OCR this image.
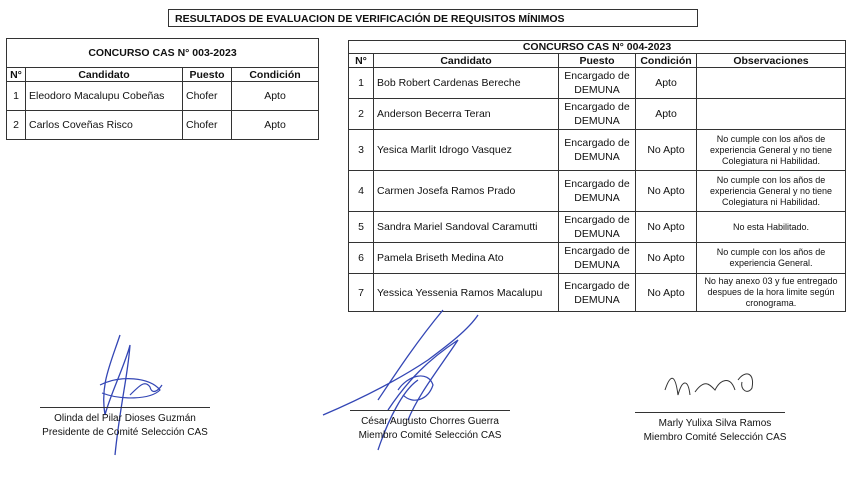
RESULTADOS DE EVALUACION DE VERIFICACIÓN DE REQUISITOS MÍNIMOS
CONCURSO CAS N° 003-2023			
N°	Candidato	Puesto	Condición
1	Eleodoro Macalupu Cobeñas	Chofer	Apto
2	Carlos Coveñas Risco	Chofer	Apto
CONCURSO CAS N° 004-2023				
N°	Candidato	Puesto	Condición	Observaciones
1	Bob Robert Cardenas Bereche	Encargado de DEMUNA	Apto	
2	Anderson Becerra Teran	Encargado de DEMUNA	Apto	
3	Yesica Marlit Idrogo Vasquez	Encargado de DEMUNA	No Apto	No cumple con los años de experiencia General y no tiene Colegiatura ni Habilidad.
4	Carmen Josefa Ramos Prado	Encargado de DEMUNA	No Apto	No cumple con los años de experiencia General y no tiene Colegiatura ni Habilidad.
5	Sandra Mariel Sandoval Caramutti	Encargado de DEMUNA	No Apto	No esta Habilitado.
6	Pamela Briseth Medina Ato	Encargado de DEMUNA	No Apto	No cumple con los años de experiencia General.
7	Yessica Yessenia Ramos Macalupu	Encargado de DEMUNA	No Apto	No hay anexo 03 y fue entregado despues de la hora limite según cronograma.
Olinda del Pilar Dioses Guzmán
Presidente de Comité Selección CAS
César Augusto Chorres Guerra
Miembro Comité Selección CAS
Marly Yulixa Silva Ramos
Miembro Comité Selección CAS
